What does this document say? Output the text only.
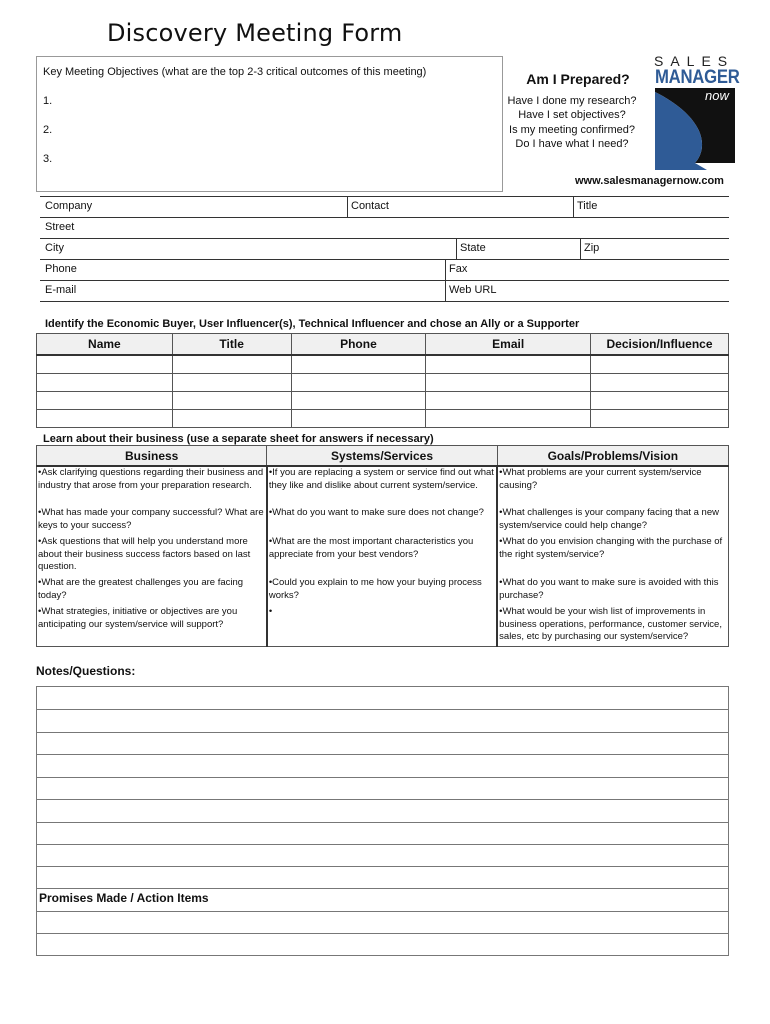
Discovery Meeting Form
Key Meeting Objectives (what are the top 2-3 critical outcomes of this meeting)
1.
2.
3.
Am I Prepared?
Have I done my research?
Have I set objectives?
Is my meeting confirmed?
Do I have what I need?
SALES
MANAGER
now
www.salesmanagernow.com
Company	Contact	Title
Street
City	State	Zip
Phone	Fax
E-mail	Web URL
Identify the Economic Buyer, User Influencer(s), Technical Influencer and chose an Ally or a Supporter
Name	Title	Phone	Email	Decision/Influence

Learn about their business (use a separate sheet for answers if necessary)
Business	Systems/Services	Goals/Problems/Vision
•Ask clarifying questions regarding their business and industry that arose from your preparation research.	•If you are replacing a system or service find out what they like and dislike about current system/service.	•What problems are your current system/service causing?
•What has made your company successful? What are keys to your success?	•What do you want to make sure does not change?	•What challenges is your company facing that a new system/service could help change?
•Ask questions that will help you understand more about their business success factors based on last question.	•What are the most important characteristics you appreciate from your best vendors?	•What do you envision changing with the purchase of the right system/service?
•What are the greatest challenges you are facing today?	•Could you explain to me how your buying process works?	•What do you want to make sure is avoided with this purchase?
•What strategies, initiative or objectives are you anticipating our system/service will support?	•	•What would be your wish list of improvements in business operations, performance, customer service, sales, etc by purchasing our system/service?
Notes/Questions:
Promises Made / Action Items
